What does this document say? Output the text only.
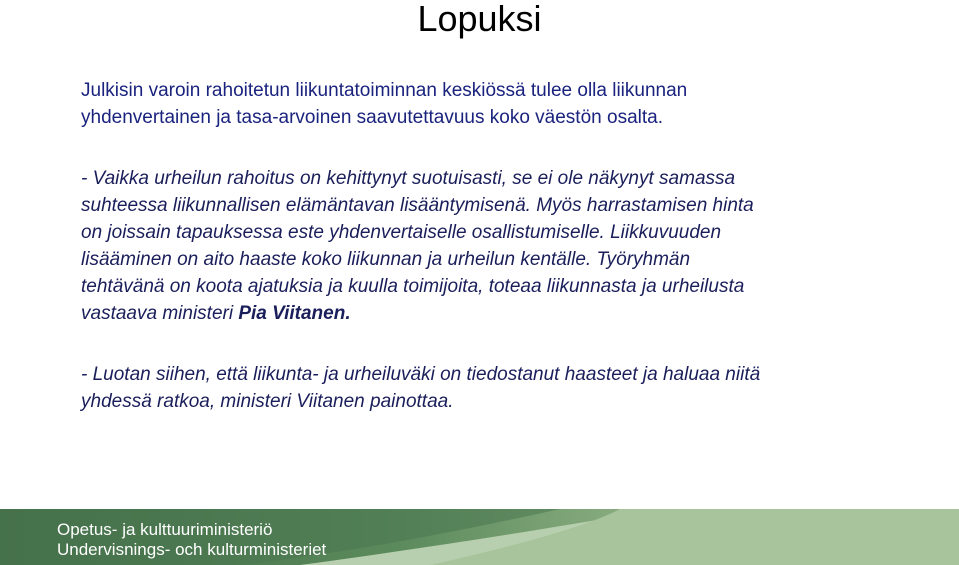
Lopuksi

Julkisin varoin rahoitetun liikuntatoiminnan keskiössä tulee olla liikunnan
yhdenvertainen ja tasa-arvoinen saavutettavuus koko väestön osalta.

- Vaikka urheilun rahoitus on kehittynyt suotuisasti, se ei ole näkynyt samassa
suhteessa liikunnallisen elämäntavan lisääntymisenä. Myös harrastamisen hinta
on joissain tapauksessa este yhdenvertaiselle osallistumiselle. Liikkuvuuden
lisääminen on aito haaste koko liikunnan ja urheilun kentälle. Työryhmän
tehtävänä on koota ajatuksia ja kuulla toimijoita, toteaa liikunnasta ja urheilusta
vastaava ministeri Pia Viitanen.

- Luotan siihen, että liikunta- ja urheiluväki on tiedostanut haasteet ja haluaa niitä
yhdessä ratkoa, ministeri Viitanen painottaa.

Opetus- ja kulttuuriministeriö
Undervisnings- och kulturministeriet
